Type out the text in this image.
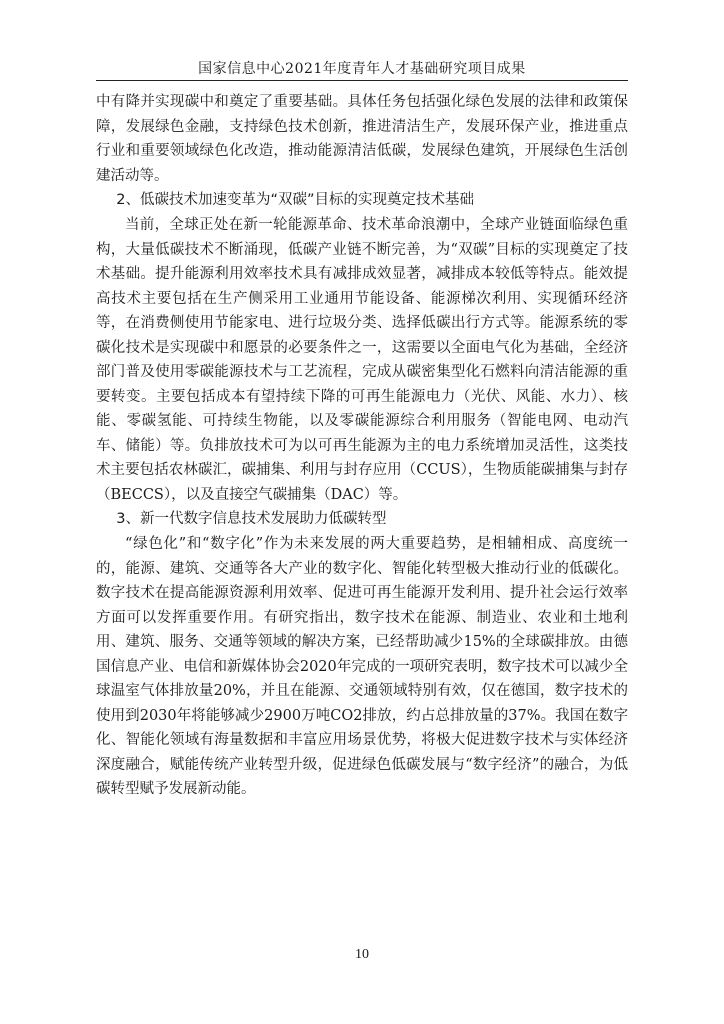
国家信息中心2021年度青年人才基础研究项目成果

中有降并实现碳中和奠定了重要基础。具体任务包括强化绿色发展的法律和政策保障，发展绿色金融，支持绿色技术创新，推进清洁生产，发展环保产业，推进重点行业和重要领域绿色化改造，推动能源清洁低碳，发展绿色建筑，开展绿色生活创建活动等。

2、低碳技术加速变革为“双碳”目标的实现奠定技术基础

当前，全球正处在新一轮能源革命、技术革命浪潮中，全球产业链面临绿色重构，大量低碳技术不断涌现，低碳产业链不断完善，为“双碳”目标的实现奠定了技术基础。提升能源利用效率技术具有减排成效显著，减排成本较低等特点。能效提高技术主要包括在生产侧采用工业通用节能设备、能源梯次利用、实现循环经济等，在消费侧使用节能家电、进行垃圾分类、选择低碳出行方式等。能源系统的零碳化技术是实现碳中和愿景的必要条件之一，这需要以全面电气化为基础，全经济部门普及使用零碳能源技术与工艺流程，完成从碳密集型化石燃料向清洁能源的重要转变。主要包括成本有望持续下降的可再生能源电力（光伏、风能、水力）、核能、零碳氢能、可持续生物能，以及零碳能源综合利用服务（智能电网、电动汽车、储能）等。负排放技术可为以可再生能源为主的电力系统增加灵活性，这类技术主要包括农林碳汇，碳捕集、利用与封存应用（CCUS），生物质能碳捕集与封存（BECCS），以及直接空气碳捕集（DAC）等。

3、新一代数字信息技术发展助力低碳转型

“绿色化”和“数字化”作为未来发展的两大重要趋势，是相辅相成、高度统一的，能源、建筑、交通等各大产业的数字化、智能化转型极大推动行业的低碳化。数字技术在提高能源资源利用效率、促进可再生能源开发利用、提升社会运行效率方面可以发挥重要作用。有研究指出，数字技术在能源、制造业、农业和土地利用、建筑、服务、交通等领域的解决方案，已经帮助减少15%的全球碳排放。由德国信息产业、电信和新媒体协会2020年完成的一项研究表明，数字技术可以减少全球温室气体排放量20%，并且在能源、交通领域特别有效，仅在德国，数字技术的使用到2030年将能够减少2900万吨CO2排放，约占总排放量的37%。我国在数字化、智能化领域有海量数据和丰富应用场景优势，将极大促进数字技术与实体经济深度融合，赋能传统产业转型升级，促进绿色低碳发展与“数字经济”的融合，为低碳转型赋予发展新动能。

10
